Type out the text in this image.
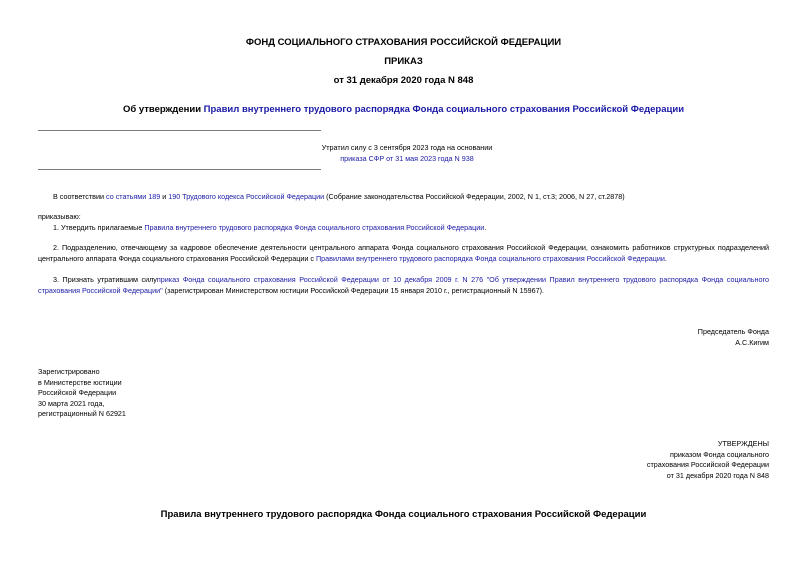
ФОНД СОЦИАЛЬНОГО СТРАХОВАНИЯ РОССИЙСКОЙ ФЕДЕРАЦИИ
ПРИКАЗ
от 31 декабря 2020 года N 848
Об утверждении Правил внутреннего трудового распорядка Фонда социального страхования Российской Федерации
Утратил силу с 3 сентября 2023 года на основании
приказа СФР от 31 мая 2023 года N 938
В соответствии со статьями 189 и 190 Трудового кодекса Российской Федерации (Собрание законодательства Российской Федерации, 2002, N 1, ст.3; 2006, N 27, ст.2878)
приказываю:
1. Утвердить прилагаемые Правила внутреннего трудового распорядка Фонда социального страхования Российской Федерации.
2. Подразделению, отвечающему за кадровое обеспечение деятельности центрального аппарата Фонда социального страхования Российской Федерации, ознакомить работников структурных подразделений центрального аппарата Фонда социального страхования Российской Федерации с Правилами внутреннего трудового распорядка Фонда социального страхования Российской Федерации.
3. Признать утратившим силуприказ Фонда социального страхования Российской Федерации от 10 декабря 2009 г. N 276 "Об утверждении Правил внутреннего трудового распорядка Фонда социального страхования Российской Федерации" (зарегистрирован Министерством юстиции Российской Федерации 15 января 2010 г., регистрационный N 15967).
Председатель Фонда
А.С.Кигим
Зарегистрировано
в Министерстве юстиции
Российской Федерации
30 марта 2021 года,
регистрационный N 62921
УТВЕРЖДЕНЫ
приказом Фонда социального
страхования Российской Федерации
от 31 декабря 2020 года N 848
Правила внутреннего трудового распорядка Фонда социального страхования Российской Федерации
